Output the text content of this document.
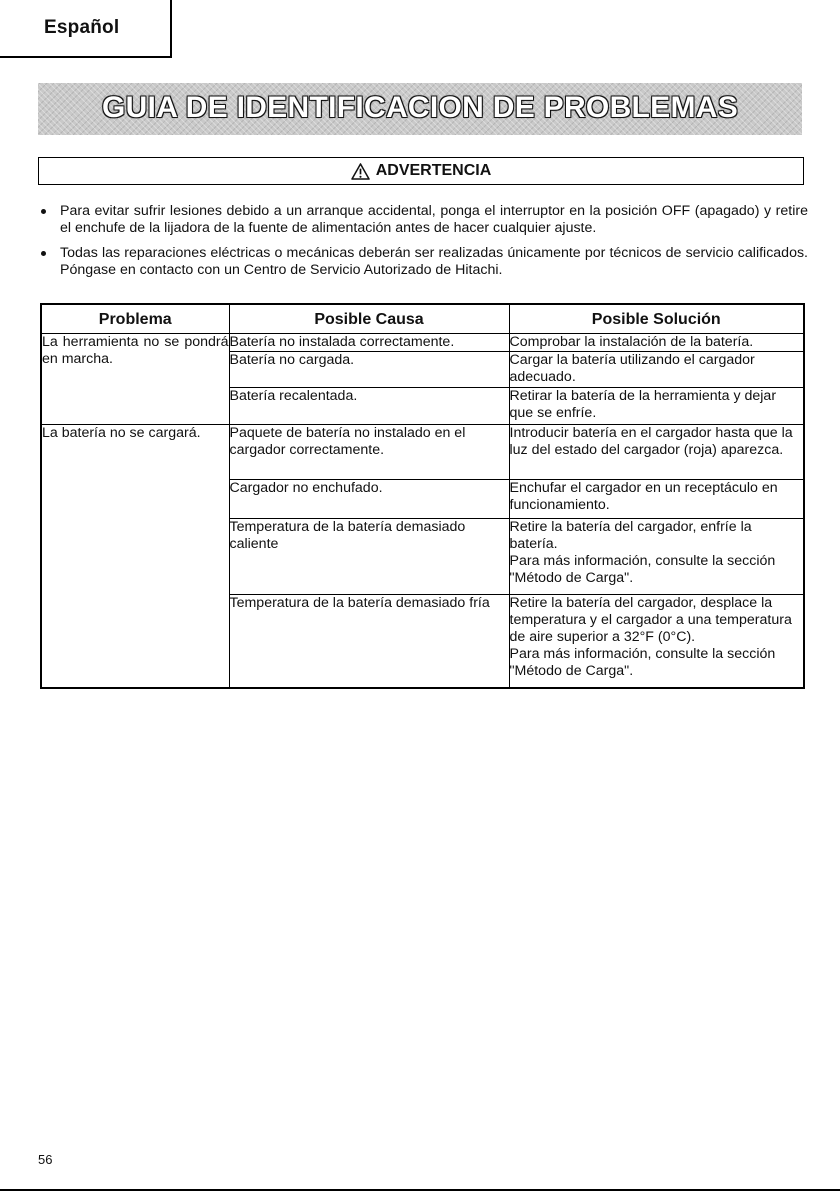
Español
GUIA DE IDENTIFICACION DE PROBLEMAS
ADVERTENCIA
Para evitar sufrir lesiones debido a un arranque accidental, ponga el interruptor en la posición OFF (apagado) y retire el enchufe de la lijadora de la fuente de alimentación antes de hacer cualquier ajuste.
Todas las reparaciones eléctricas o mecánicas deberán ser realizadas únicamente por técnicos de servicio calificados. Póngase en contacto con un Centro de Servicio Autorizado de Hitachi.
Problema	Posible Causa	Posible Solución
La herramienta no se pondrá en marcha.	Batería no instalada correctamente.	Comprobar la instalación de la batería.
	Batería no cargada.	Cargar la batería utilizando el cargador adecuado.
	Batería recalentada.	Retirar la batería de la herramienta y dejar que se enfríe.
La batería no se cargará.	Paquete de batería no instalado en el cargador correctamente.	Introducir batería en el cargador hasta que la luz del estado del cargador (roja) aparezca.
	Cargador no enchufado.	Enchufar el cargador en un receptáculo en funcionamiento.
	Temperatura de la batería demasiado caliente	Retire la batería del cargador, enfríe la batería.
Para más información, consulte la sección "Método de Carga".
	Temperatura de la batería demasiado fría	Retire la batería del cargador, desplace la temperatura y el cargador a una temperatura de aire superior a 32°F (0°C).
Para más información, consulte la sección "Método de Carga".
56
